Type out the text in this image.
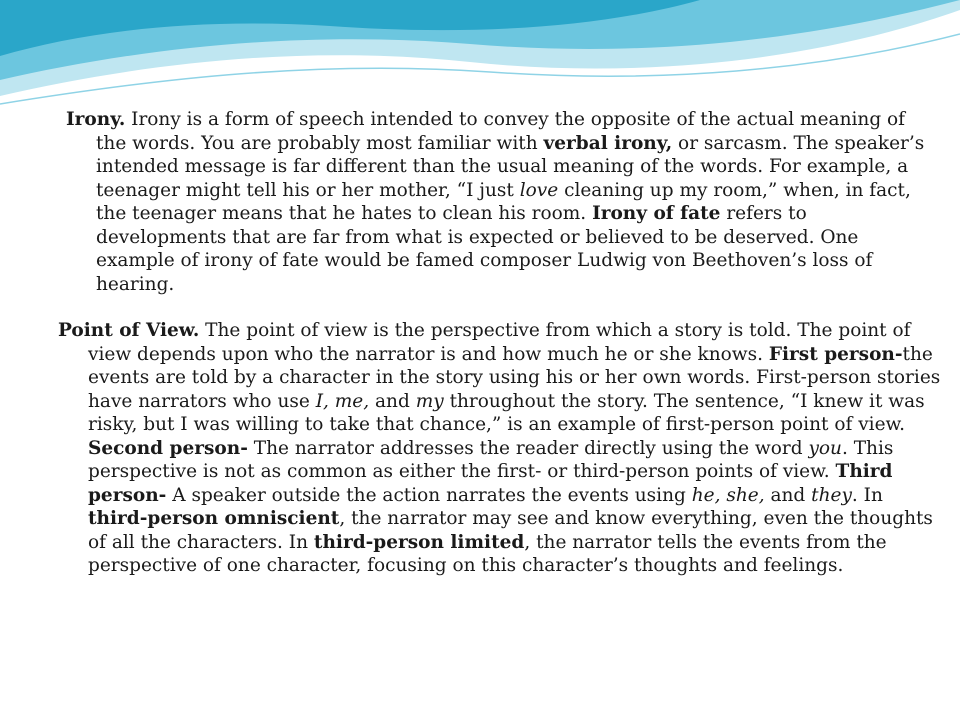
Irony. Irony is a form of speech intended to convey the opposite of the actual meaning of the words. You are probably most familiar with verbal irony, or sarcasm. The speaker’s intended message is far different than the usual meaning of the words. For example, a teenager might tell his or her mother, “I just love cleaning up my room,” when, in fact, the teenager means that he hates to clean his room. Irony of fate refers to developments that are far from what is expected or believed to be deserved. One example of irony of fate would be famed composer Ludwig von Beethoven’s loss of hearing.

Point of View. The point of view is the perspective from which a story is told. The point of view depends upon who the narrator is and how much he or she knows. First person-the events are told by a character in the story using his or her own words. First-person stories have narrators who use I, me, and my throughout the story. The sentence, “I knew it was risky, but I was willing to take that chance,” is an example of first-person point of view. Second person- The narrator addresses the reader directly using the word you. This perspective is not as common as either the first- or third-person points of view. Third person- A speaker outside the action narrates the events using he, she, and they. In third-person omniscient, the narrator may see and know everything, even the thoughts of all the characters. In third-person limited, the narrator tells the events from the perspective of one character, focusing on this character’s thoughts and feelings.
